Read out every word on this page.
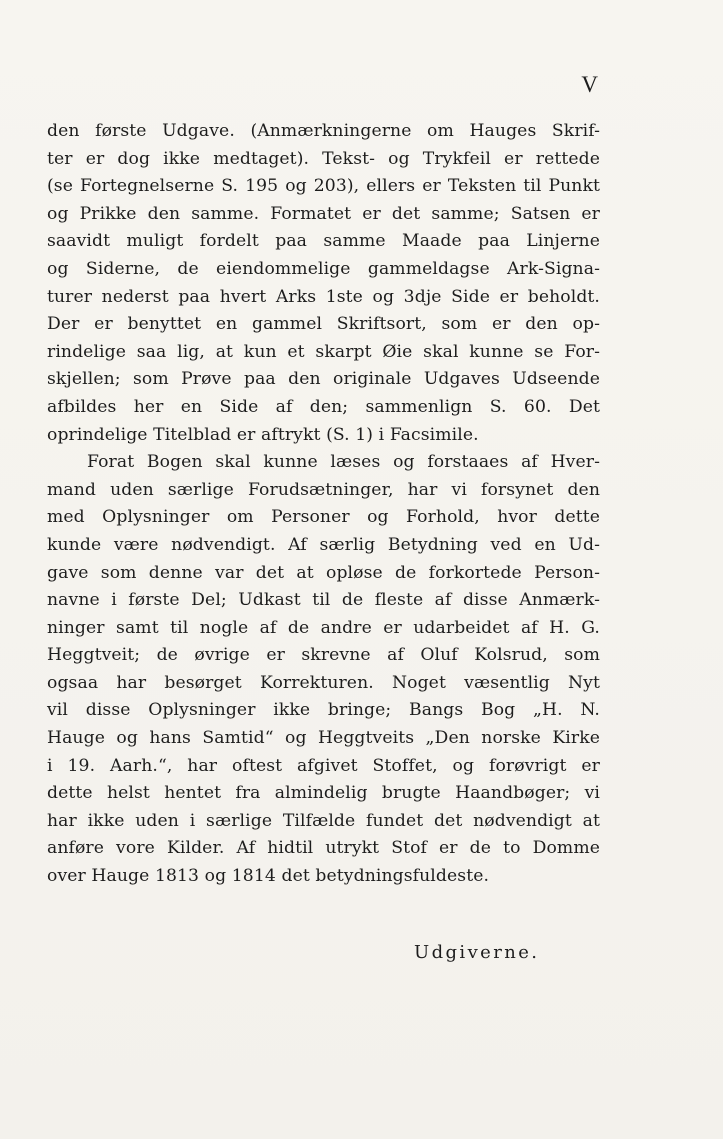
V
den første Udgave. (Anmærkningerne om Hauges Skrif-
ter er dog ikke medtaget). Tekst- og Trykfeil er rettede
(se Fortegnelserne S. 195 og 203), ellers er Teksten til Punkt
og Prikke den samme. Formatet er det samme; Satsen er
saavidt muligt fordelt paa samme Maade paa Linjerne
og Siderne, de eiendommelige gammeldagse Ark-Signa-
turer nederst paa hvert Arks 1ste og 3dje Side er beholdt.
Der er benyttet en gammel Skriftsort, som er den op-
rindelige saa lig, at kun et skarpt Øie skal kunne se For-
skjellen; som Prøve paa den originale Udgaves Udseende
afbildes her en Side af den; sammenlign S. 60. Det
oprindelige Titelblad er aftrykt (S. 1) i Facsimile.
Forat Bogen skal kunne læses og forstaaes af Hver-
mand uden særlige Forudsætninger, har vi forsynet den
med Oplysninger om Personer og Forhold, hvor dette
kunde være nødvendigt. Af særlig Betydning ved en Ud-
gave som denne var det at opløse de forkortede Person-
navne i første Del; Udkast til de fleste af disse Anmærk-
ninger samt til nogle af de andre er udarbeidet af H. G.
Heggtveit; de øvrige er skrevne af Oluf Kolsrud, som
ogsaa har besørget Korrekturen. Noget væsentlig Nyt
vil disse Oplysninger ikke bringe; Bangs Bog „H. N.
Hauge og hans Samtid“ og Heggtveits „Den norske Kirke
i 19. Aarh.“, har oftest afgivet Stoffet, og forøvrigt er
dette helst hentet fra almindelig brugte Haandbøger; vi
har ikke uden i særlige Tilfælde fundet det nødvendigt at
anføre vore Kilder. Af hidtil utrykt Stof er de to Domme
over Hauge 1813 og 1814 det betydningsfuldeste.
Udgiverne.
